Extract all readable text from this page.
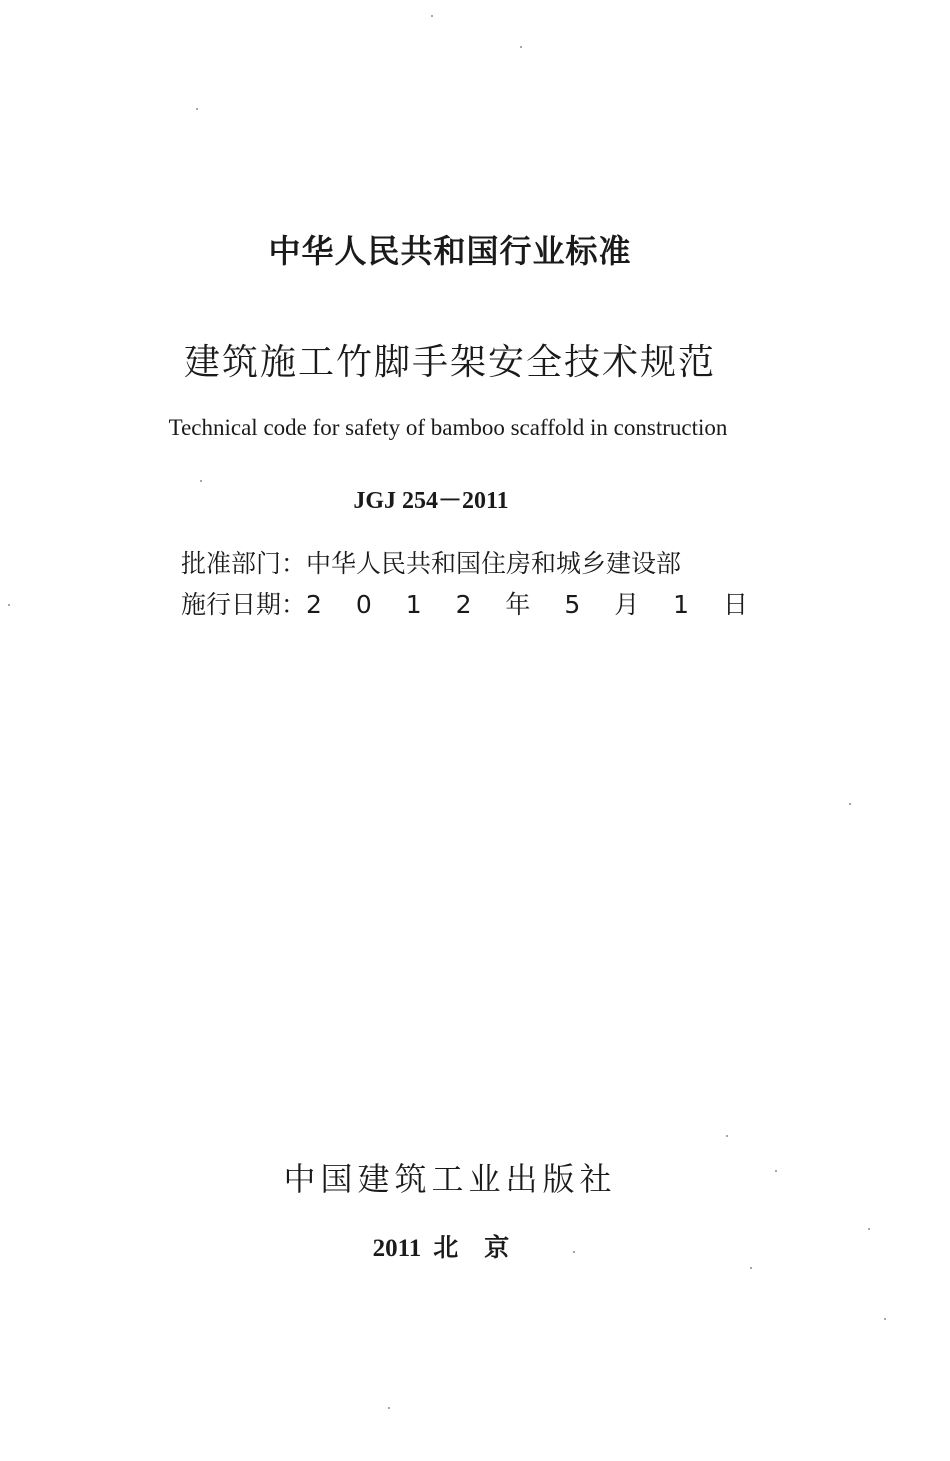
中华人民共和国行业标准
建筑施工竹脚手架安全技术规范
Technical code for safety of bamboo scaffold in construction
JGJ 254－2011
批准部门：中华人民共和国住房和城乡建设部
施行日期：2 0 1 2 年 5 月 1 日
中国建筑工业出版社
2011 北京
